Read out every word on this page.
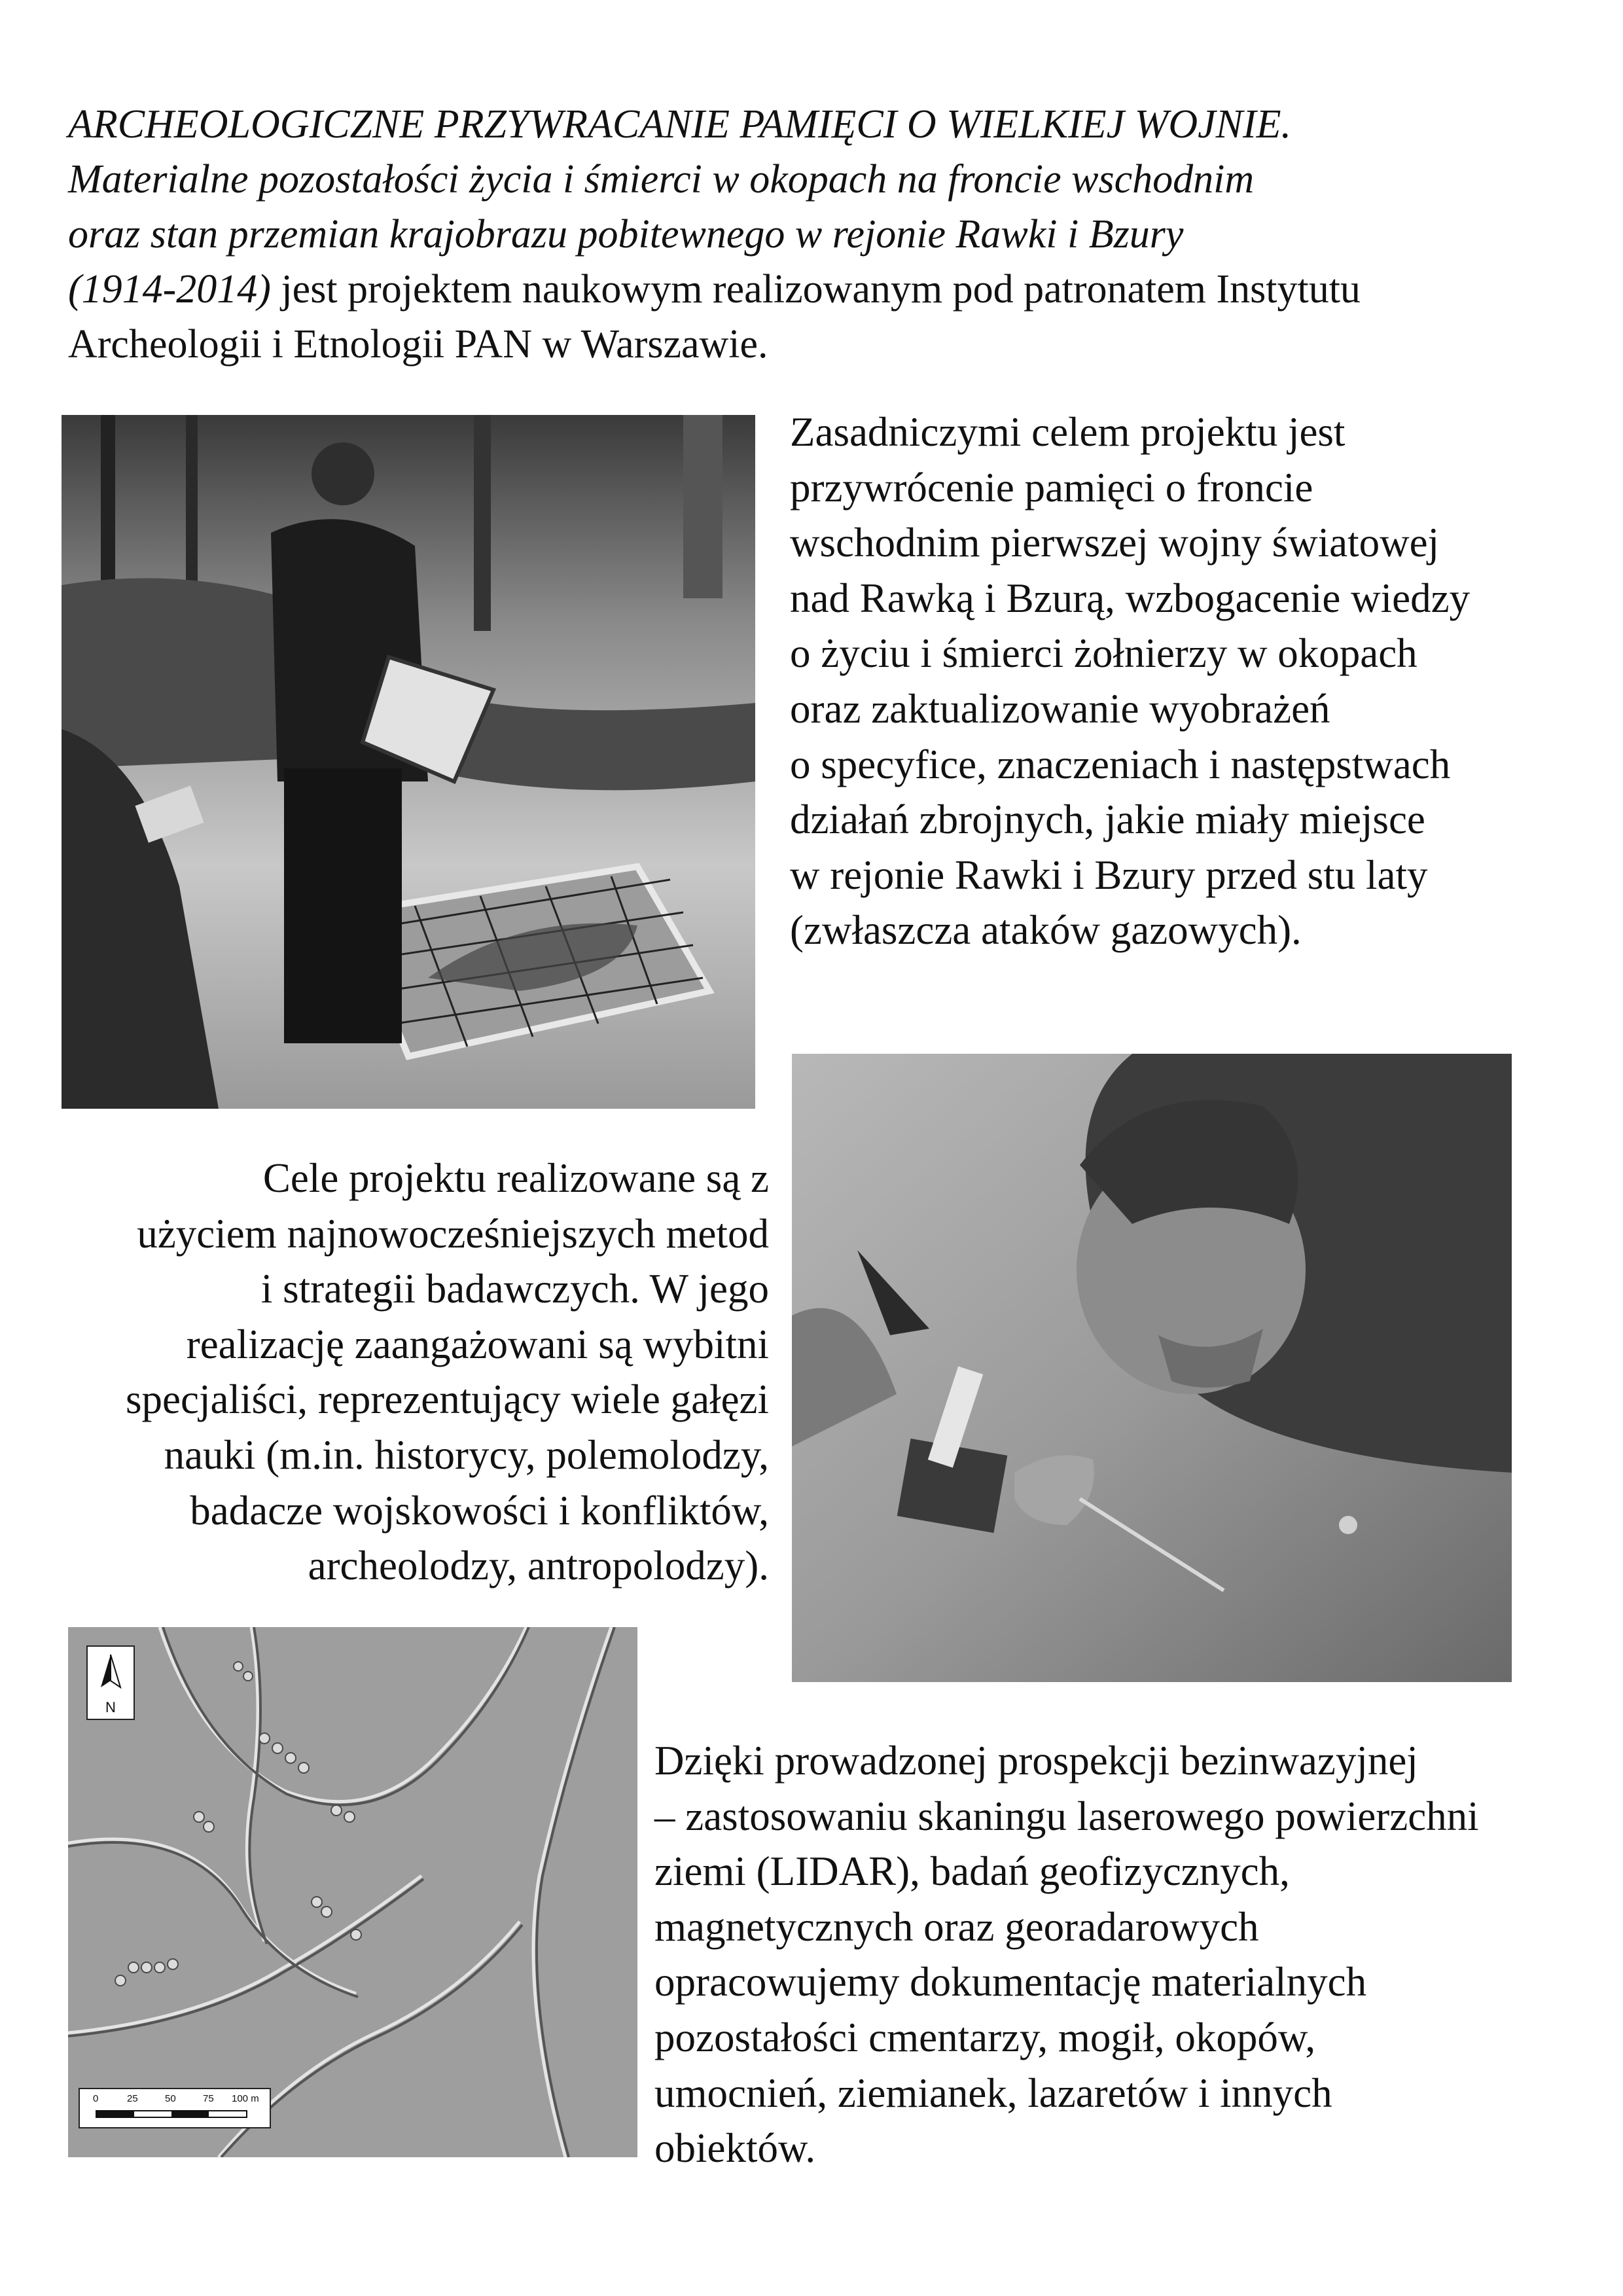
ARCHEOLOGICZNE PRZYWRACANIE PAMIĘCI O WIELKIEJ WOJNIE.
Materialne pozostałości życia i śmierci w okopach na froncie wschodnim
oraz stan przemian krajobrazu pobitewnego w rejonie Rawki i Bzury
(1914-2014) jest projektem naukowym realizowanym pod patronatem Instytutu
Archeologii i Etnologii PAN w Warszawie.

Zasadniczymi celem projektu jest
przywrócenie pamięci o froncie
wschodnim pierwszej wojny światowej
nad Rawką i Bzurą, wzbogacenie wiedzy
o życiu i śmierci żołnierzy w okopach
oraz zaktualizowanie wyobrażeń
o specyfice, znaczeniach i następstwach
działań zbrojnych, jakie miały miejsce
w rejonie Rawki i Bzury przed stu laty
(zwłaszcza ataków gazowych).
Cele projektu realizowane są z
użyciem najnowocześniejszych metod
i strategii badawczych. W jego
realizację zaangażowani są wybitni
specjaliści, reprezentujący wiele gałęzi
nauki (m.in. historycy, polemolodzy,
badacze wojskowości i konfliktów,
archeolodzy, antropolodzy).
N
0	25	50	75 100 m
Dzięki prowadzonej prospekcji bezinwazyjnej
– zastosowaniu skaningu laserowego powierzchni
ziemi (LIDAR), badań geofizycznych,
magnetycznych oraz georadarowych
opracowujemy dokumentację materialnych
pozostałości cmentarzy, mogił, okopów,
umocnień, ziemianek, lazaretów i innych
obiektów.
